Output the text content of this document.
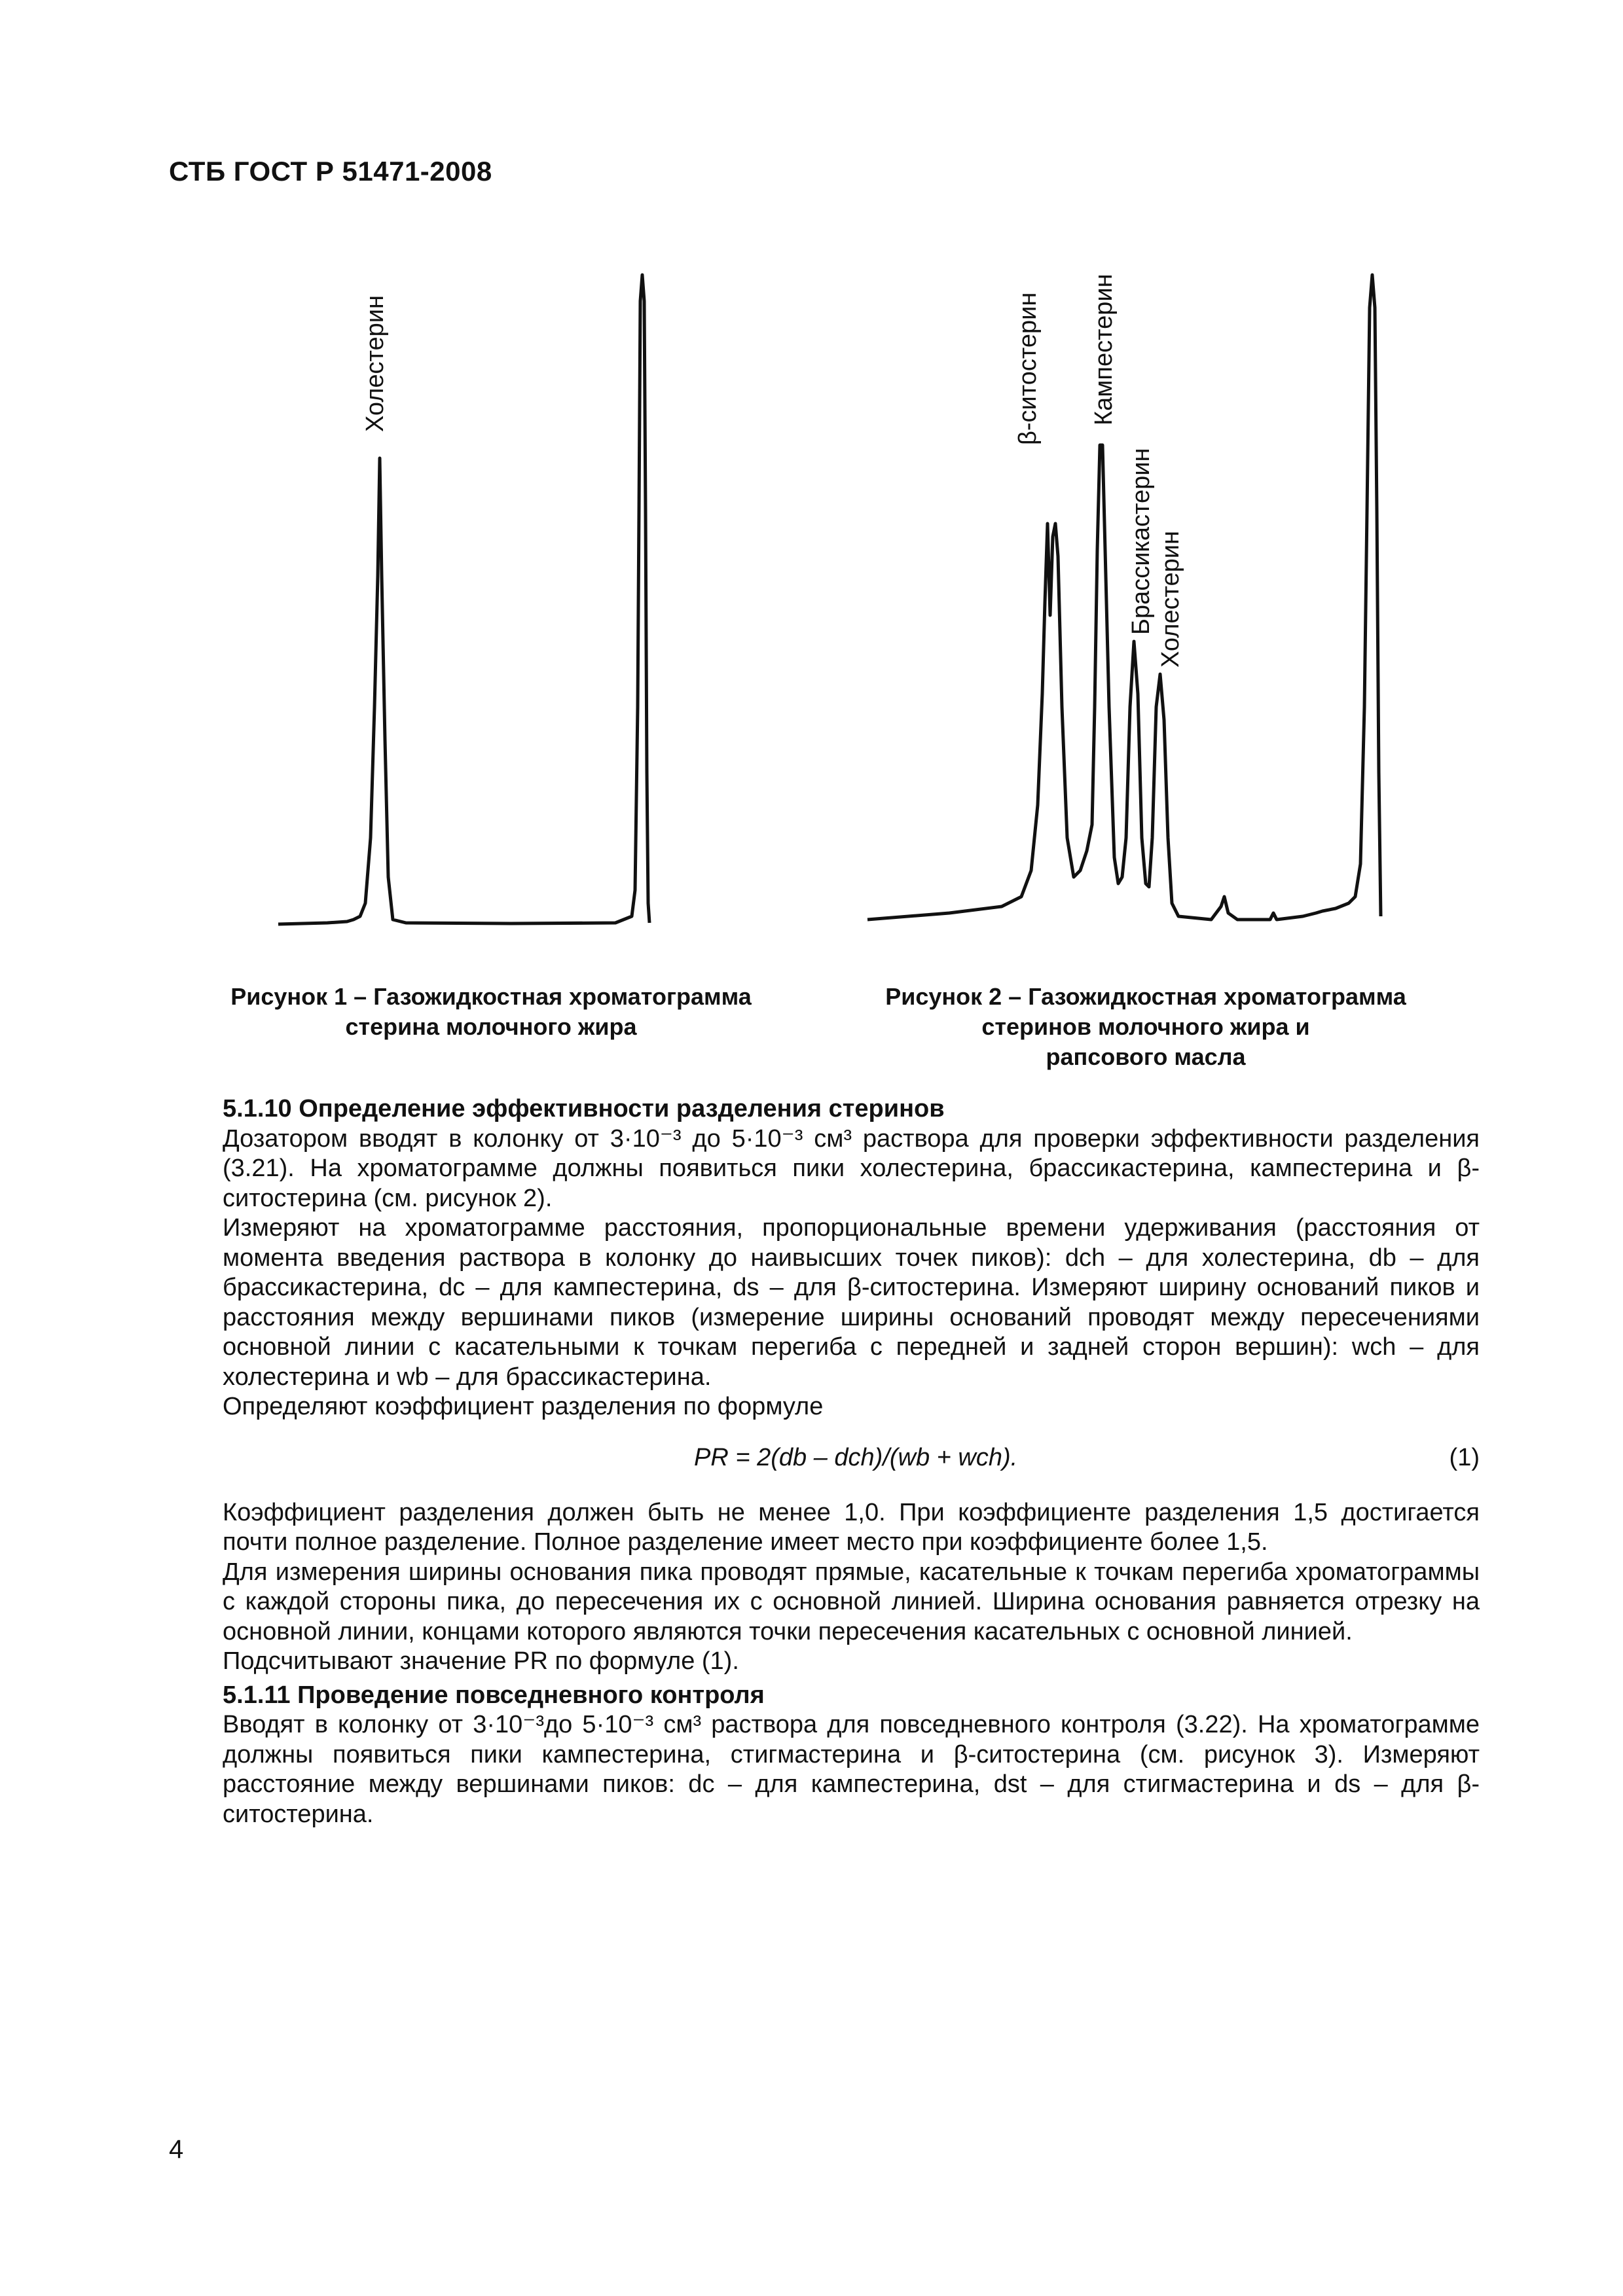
СТБ ГОСТ Р 51471-2008
Холестерин	β-ситостерин Кампестерин
Брассикастерин Холестерин
Рисунок 1 – Газожидкостная хроматограмма
стерина молочного жира
Рисунок 2 – Газожидкостная хроматограмма
стеринов молочного жира и
рапсового масла

5.1.10 Определение эффективности разделения стеринов

Дозатором вводят в колонку от 3·10⁻³ до 5·10⁻³ см³ раствора для проверки эффективности разделения (3.21). На хроматограмме должны появиться пики холестерина, брассикастерина, кампестерина и β-ситостерина (см. рисунок 2).

Измеряют на хроматограмме расстояния, пропорциональные времени удерживания (расстояния от момента введения раствора в колонку до наивысших точек пиков): dch – для холестерина, db – для брассикастерина, dc – для кампестерина, ds – для β-ситостерина. Измеряют ширину оснований пиков и расстояния между вершинами пиков (измерение ширины оснований проводят между пересечениями основной линии с касательными к точкам перегиба с передней и задней сторон вершин): wch – для холестерина и wb – для брассикастерина.

Определяют коэффициент разделения по формуле

PR = 2(db – dch)/(wb + wch).	(1)

Коэффициент разделения должен быть не менее 1,0. При коэффициенте разделения 1,5 достигается почти полное разделение. Полное разделение имеет место при коэффициенте более 1,5.

Для измерения ширины основания пика проводят прямые, касательные к точкам перегиба хроматограммы с каждой стороны пика, до пересечения их с основной линией. Ширина основания равняется отрезку на основной линии, концами которого являются точки пересечения касательных с основной линией.

Подсчитывают значение PR по формуле (1).

5.1.11 Проведение повседневного контроля

Вводят в колонку от 3·10⁻³до 5·10⁻³ см³ раствора для повседневного контроля (3.22). На хроматограмме должны появиться пики кампестерина, стигмастерина и β-ситостерина (см. рисунок 3). Измеряют расстояние между вершинами пиков: dc – для кампестерина, dst – для стигмастерина и ds – для β-ситостерина.

4
